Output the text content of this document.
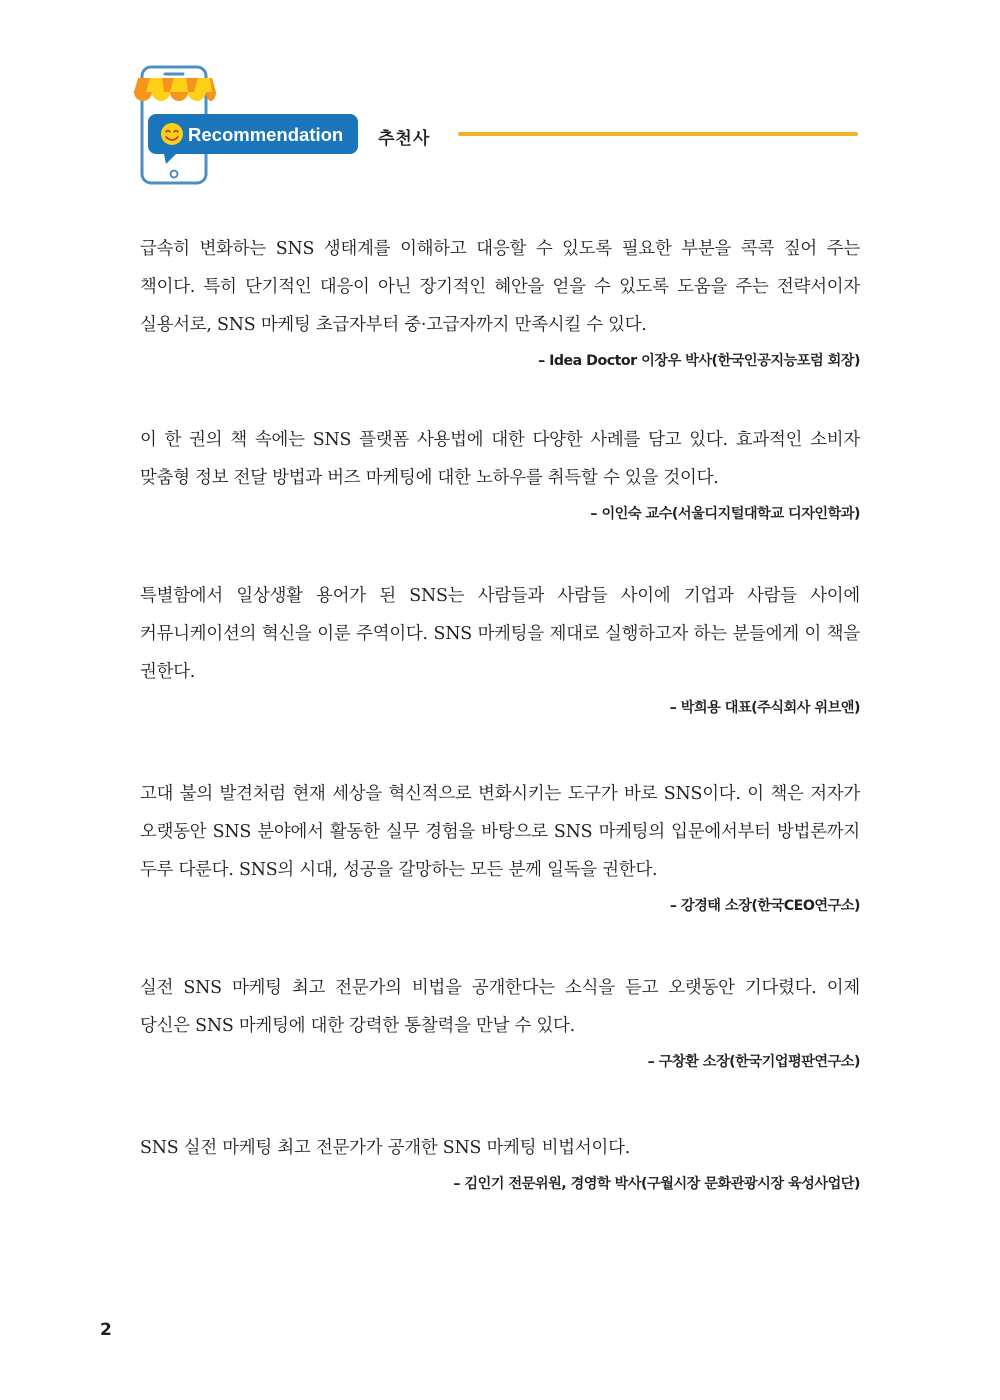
Recommendation 추천사

급속히 변화하는 SNS 생태계를 이해하고 대응할 수 있도록 필요한 부분을 콕콕 짚어 주는 책이다. 특히 단기적인 대응이 아닌 장기적인 혜안을 얻을 수 있도록 도움을 주는 전략서이자 실용서로, SNS 마케팅 초급자부터 중·고급자까지 만족시킬 수 있다.

– Idea Doctor 이장우 박사(한국인공지능포럼 회장)

이 한 권의 책 속에는 SNS 플랫폼 사용법에 대한 다양한 사례를 담고 있다. 효과적인 소비자 맞춤형 정보 전달 방법과 버즈 마케팅에 대한 노하우를 취득할 수 있을 것이다.

– 이인숙 교수(서울디지털대학교 디자인학과)

특별함에서 일상생활 용어가 된 SNS는 사람들과 사람들 사이에 기업과 사람들 사이에 커뮤니케이션의 혁신을 이룬 주역이다. SNS 마케팅을 제대로 실행하고자 하는 분들에게 이 책을 권한다.

– 박희용 대표(주식회사 위브앤)

고대 불의 발견처럼 현재 세상을 혁신적으로 변화시키는 도구가 바로 SNS이다. 이 책은 저자가 오랫동안 SNS 분야에서 활동한 실무 경험을 바탕으로 SNS 마케팅의 입문에서부터 방법론까지 두루 다룬다. SNS의 시대, 성공을 갈망하는 모든 분께 일독을 권한다.

– 강경태 소장(한국CEO연구소)

실전 SNS 마케팅 최고 전문가의 비법을 공개한다는 소식을 듣고 오랫동안 기다렸다. 이제 당신은 SNS 마케팅에 대한 강력한 통찰력을 만날 수 있다.

– 구창환 소장(한국기업평판연구소)

SNS 실전 마케팅 최고 전문가가 공개한 SNS 마케팅 비법서이다.

– 김인기 전문위원, 경영학 박사(구월시장 문화관광시장 육성사업단)

2
